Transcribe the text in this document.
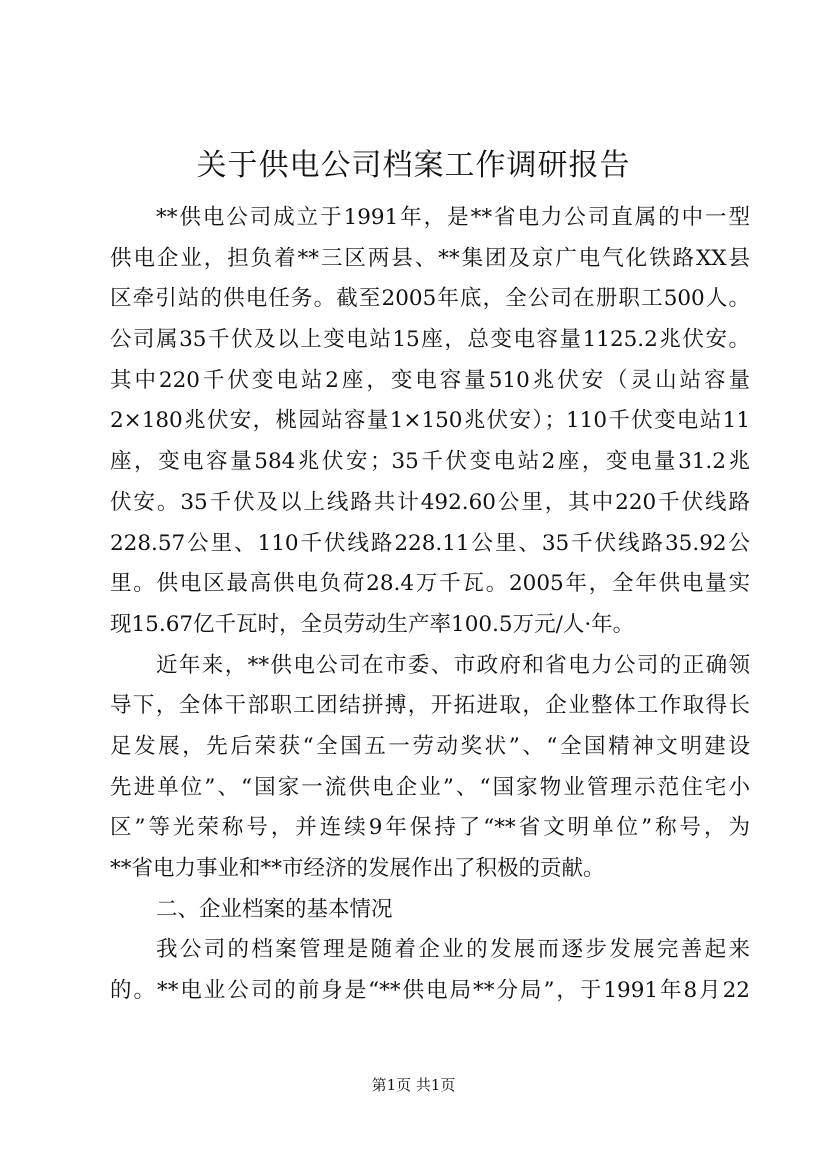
关于供电公司档案工作调研报告
**供电公司成立于1991年，是**省电力公司直属的中一型
供电企业，担负着**三区两县、**集团及京广电气化铁路XX县
区牵引站的供电任务。截至2005年底，全公司在册职工500人。
公司属35千伏及以上变电站15座，总变电容量1125.2兆伏安。
其中220千伏变电站2座，变电容量510兆伏安（灵山站容量
2×180兆伏安，桃园站容量1×150兆伏安）；110千伏变电站11
座，变电容量584兆伏安；35千伏变电站2座，变电量31.2兆
伏安。35千伏及以上线路共计492.60公里，其中220千伏线路
228.57公里、110千伏线路228.11公里、35千伏线路35.92公
里。供电区最高供电负荷28.4万千瓦。2005年，全年供电量实
现15.67亿千瓦时，全员劳动生产率100.5万元/人·年。
近年来，**供电公司在市委、市政府和省电力公司的正确领
导下，全体干部职工团结拼搏，开拓进取，企业整体工作取得长
足发展，先后荣获“全国五一劳动奖状”、“全国精神文明建设
先进单位”、“国家一流供电企业”、“国家物业管理示范住宅小
区”等光荣称号，并连续9年保持了“**省文明单位”称号，为
**省电力事业和**市经济的发展作出了积极的贡献。
二、企业档案的基本情况
我公司的档案管理是随着企业的发展而逐步发展完善起来
的。**电业公司的前身是“**供电局**分局”，于1991年8月22
第1页 共1页
